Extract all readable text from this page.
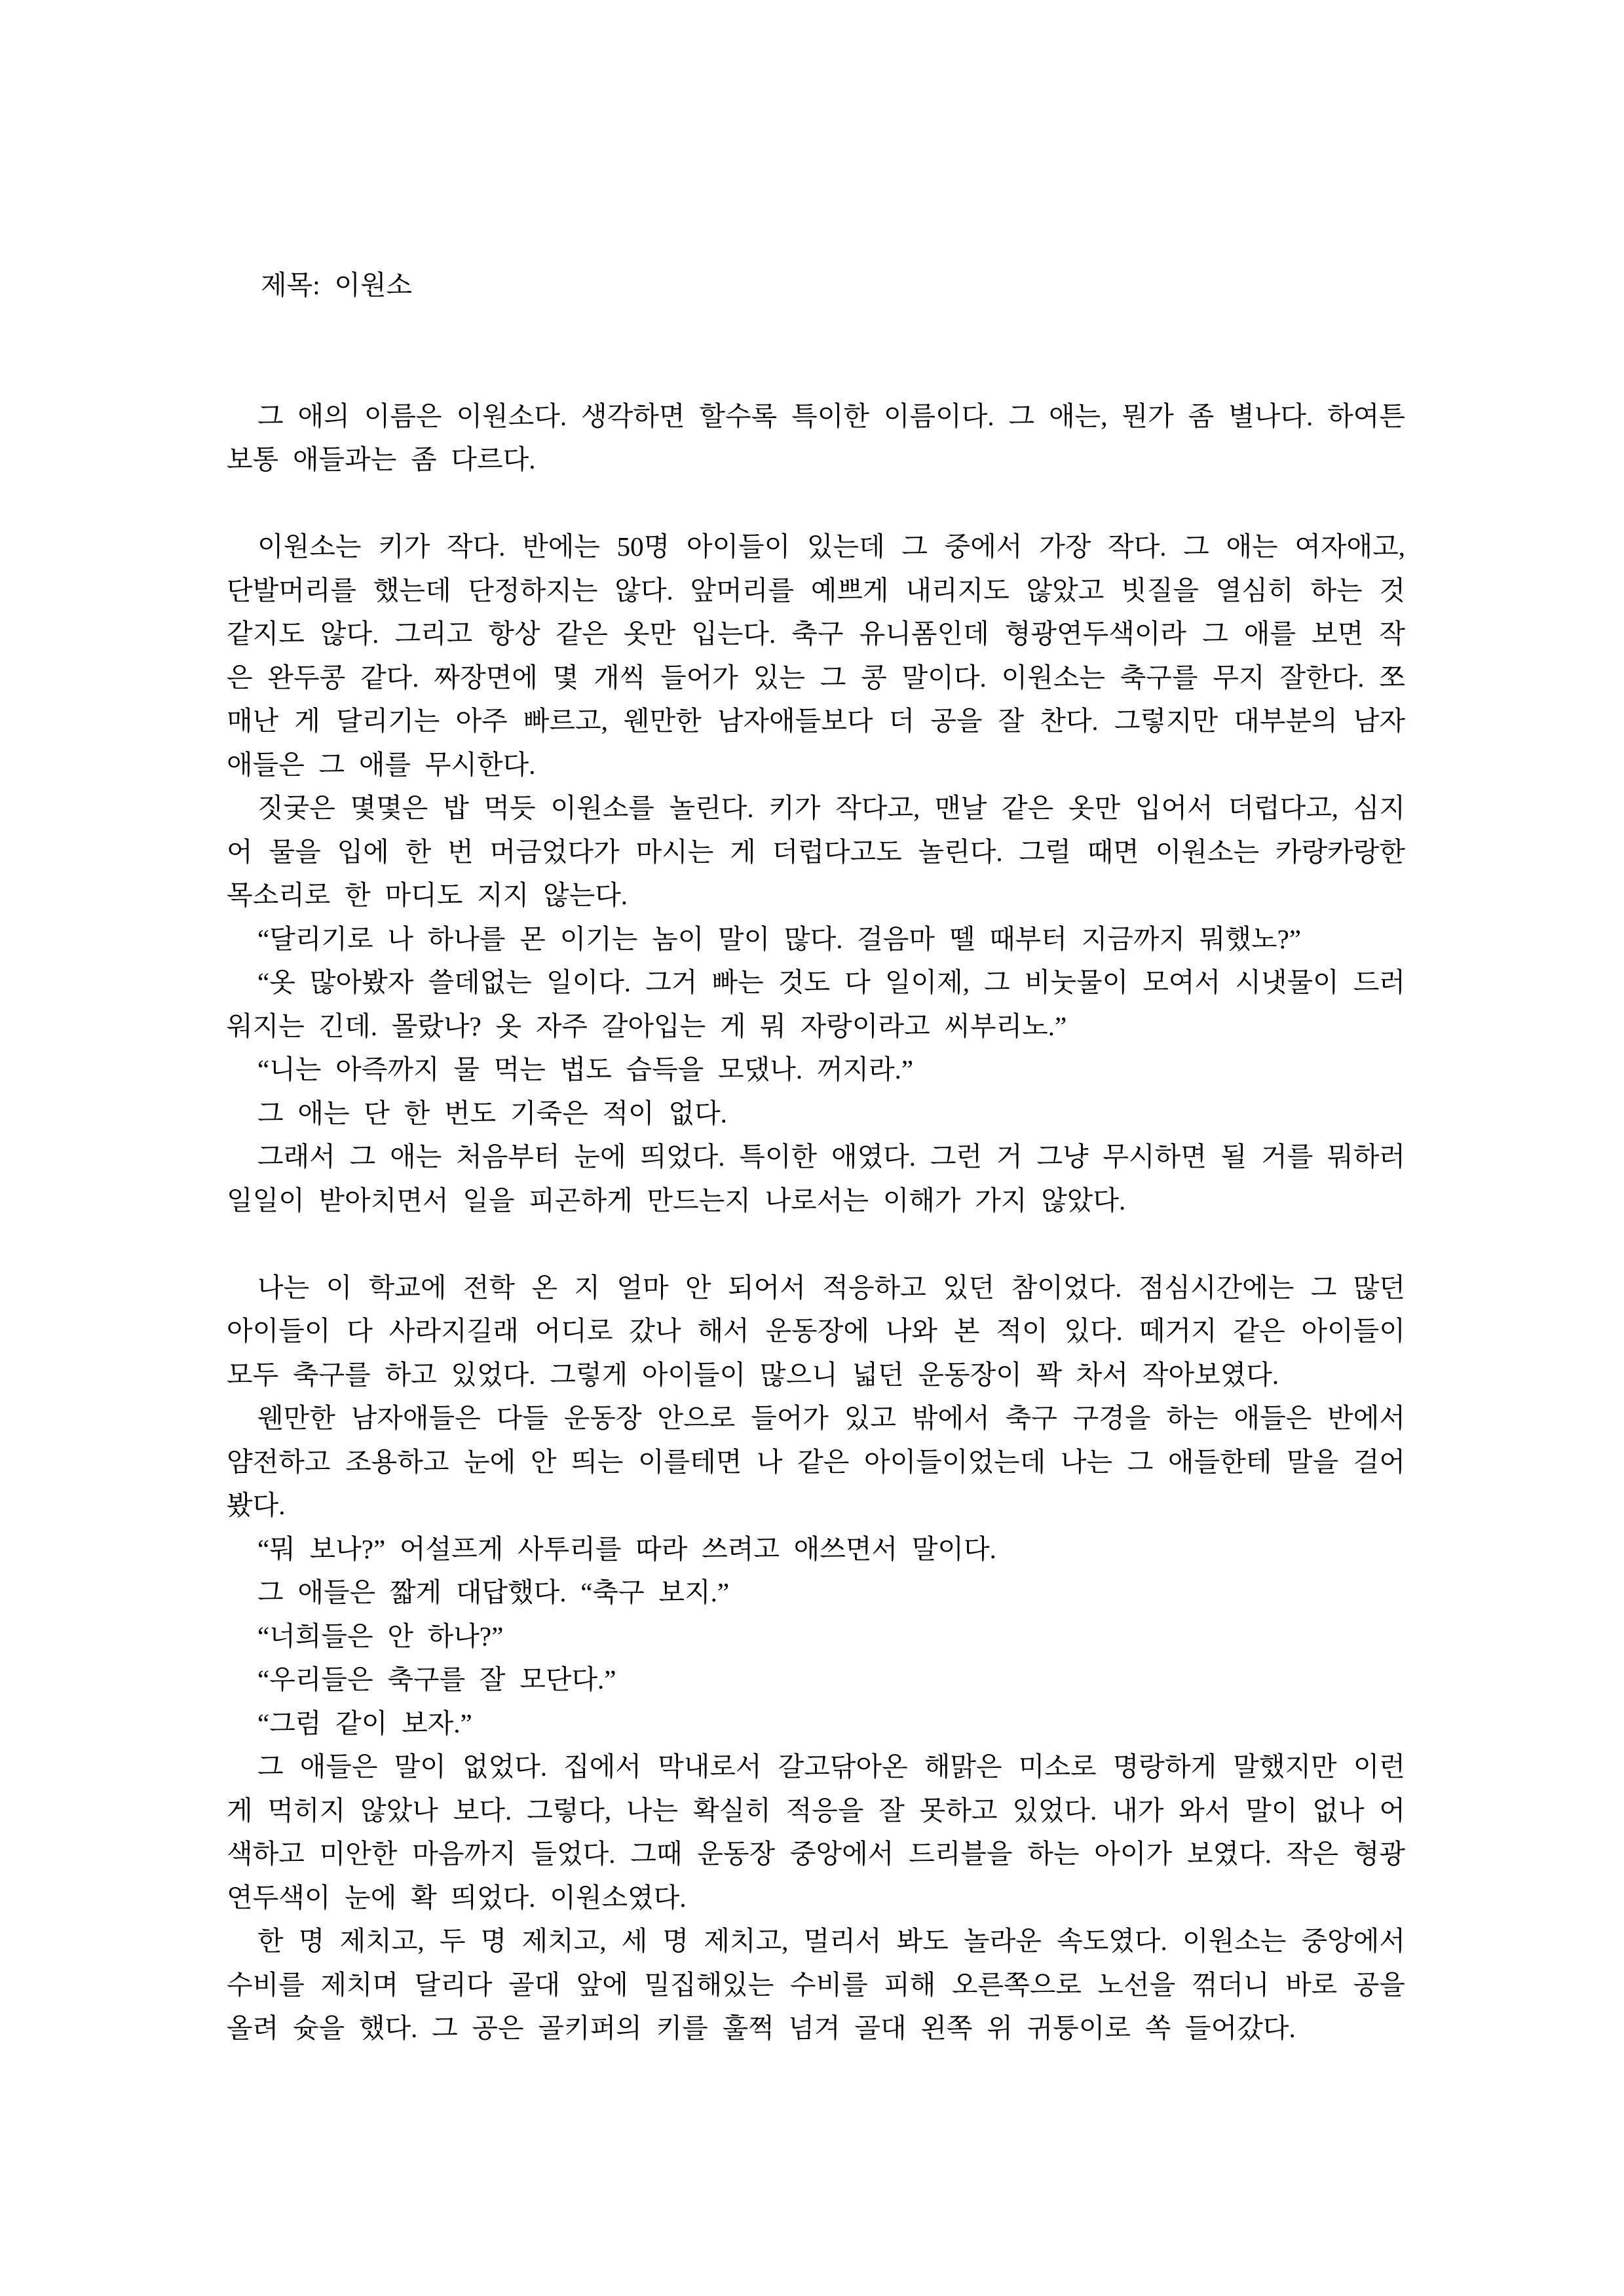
제목: 이원소

그 애의 이름은 이원소다. 생각하면 할수록 특이한 이름이다. 그 애는, 뭔가 좀 별나다. 하여튼 보통 애들과는 좀 다르다.

이원소는 키가 작다. 반에는 50명 아이들이 있는데 그 중에서 가장 작다. 그 애는 여자애고, 단발머리를 했는데 단정하지는 않다. 앞머리를 예쁘게 내리지도 않았고 빗질을 열심히 하는 것 같지도 않다. 그리고 항상 같은 옷만 입는다. 축구 유니폼인데 형광연두색이라 그 애를 보면 작은 완두콩 같다. 짜장면에 몇 개씩 들어가 있는 그 콩 말이다. 이원소는 축구를 무지 잘한다. 쪼매난 게 달리기는 아주 빠르고, 웬만한 남자애들보다 더 공을 잘 찬다. 그렇지만 대부분의 남자애들은 그 애를 무시한다.

짓궂은 몇몇은 밥 먹듯 이원소를 놀린다. 키가 작다고, 맨날 같은 옷만 입어서 더럽다고, 심지어 물을 입에 한 번 머금었다가 마시는 게 더럽다고도 놀린다. 그럴 때면 이원소는 카랑카랑한 목소리로 한 마디도 지지 않는다.

“달리기로 나 하나를 몬 이기는 놈이 말이 많다. 걸음마 뗄 때부터 지금까지 뭐했노?”

“옷 많아봤자 쓸데없는 일이다. 그거 빠는 것도 다 일이제, 그 비눗물이 모여서 시냇물이 드러워지는 긴데. 몰랐나? 옷 자주 갈아입는 게 뭐 자랑이라고 씨부리노.”

“니는 아즉까지 물 먹는 법도 습득을 모댔나. 꺼지라.”

그 애는 단 한 번도 기죽은 적이 없다.

그래서 그 애는 처음부터 눈에 띄었다. 특이한 애였다. 그런 거 그냥 무시하면 될 거를 뭐하러 일일이 받아치면서 일을 피곤하게 만드는지 나로서는 이해가 가지 않았다.

나는 이 학교에 전학 온 지 얼마 안 되어서 적응하고 있던 참이었다. 점심시간에는 그 많던 아이들이 다 사라지길래 어디로 갔나 해서 운동장에 나와 본 적이 있다. 떼거지 같은 아이들이 모두 축구를 하고 있었다. 그렇게 아이들이 많으니 넓던 운동장이 꽉 차서 작아보였다.

웬만한 남자애들은 다들 운동장 안으로 들어가 있고 밖에서 축구 구경을 하는 애들은 반에서 얌전하고 조용하고 눈에 안 띄는 이를테면 나 같은 아이들이었는데 나는 그 애들한테 말을 걸어봤다.

“뭐 보나?” 어설프게 사투리를 따라 쓰려고 애쓰면서 말이다.

그 애들은 짧게 대답했다. “축구 보지.”

“너희들은 안 하나?”

“우리들은 축구를 잘 모단다.”

“그럼 같이 보자.”

그 애들은 말이 없었다. 집에서 막내로서 갈고닦아온 해맑은 미소로 명랑하게 말했지만 이런 게 먹히지 않았나 보다. 그렇다, 나는 확실히 적응을 잘 못하고 있었다. 내가 와서 말이 없나 어색하고 미안한 마음까지 들었다. 그때 운동장 중앙에서 드리블을 하는 아이가 보였다. 작은 형광연두색이 눈에 확 띄었다. 이원소였다.

한 명 제치고, 두 명 제치고, 세 명 제치고, 멀리서 봐도 놀라운 속도였다. 이원소는 중앙에서 수비를 제치며 달리다 골대 앞에 밀집해있는 수비를 피해 오른쪽으로 노선을 꺾더니 바로 공을 올려 슛을 했다. 그 공은 골키퍼의 키를 훌쩍 넘겨 골대 왼쪽 위 귀퉁이로 쏙 들어갔다.
